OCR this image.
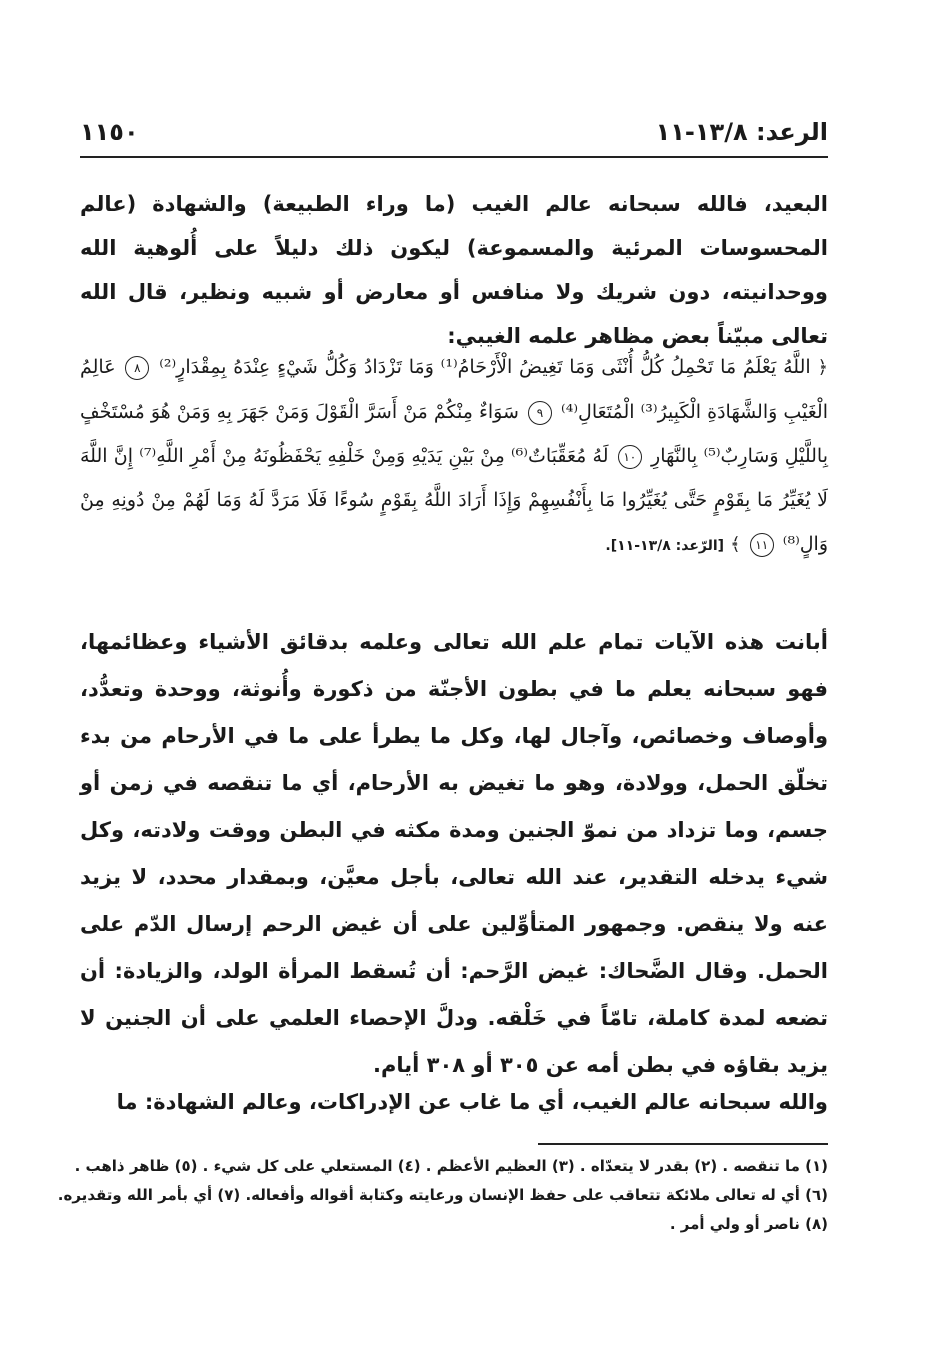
الرعد: ١٣/٨-١١
١١٥٠

البعيد، فالله سبحانه عالم الغيب (ما وراء الطبيعة) والشهادة (عالم المحسوسات المرئية والمسموعة) ليكون ذلك دليلاً على أُلوهية الله ووحدانيته، دون شريك ولا منافس أو معارض أو شبيه ونظير، قال الله تعالى مبيّناً بعض مظاهر علمه الغيبي:

﴿ اللَّهُ يَعْلَمُ مَا تَحْمِلُ كُلُّ أُنْثَى وَمَا تَغِيضُ الْأَرْحَامُ⁽¹⁾ وَمَا تَزْدَادُ وَكُلُّ شَيْءٍ عِنْدَهُ بِمِقْدَارٍ⁽²⁾ ٨ عَالِمُ الْغَيْبِ وَالشَّهَادَةِ الْكَبِيرُ⁽³⁾ الْمُتَعَالِ⁽⁴⁾ ٩ سَوَاءٌ مِنْكُمْ مَنْ أَسَرَّ الْقَوْلَ وَمَنْ جَهَرَ بِهِ وَمَنْ هُوَ مُسْتَخْفٍ بِاللَّيْلِ وَسَارِبٌ⁽⁵⁾ بِالنَّهَارِ ١٠ لَهُ مُعَقِّبَاتٌ⁽⁶⁾ مِنْ بَيْنِ يَدَيْهِ وَمِنْ خَلْفِهِ يَحْفَظُونَهُ مِنْ أَمْرِ اللَّهِ⁽⁷⁾ إِنَّ اللَّهَ لَا يُغَيِّرُ مَا بِقَوْمٍ حَتَّى يُغَيِّرُوا مَا بِأَنْفُسِهِمْ وَإِذَا أَرَادَ اللَّهُ بِقَوْمٍ سُوءًا فَلَا مَرَدَّ لَهُ وَمَا لَهُمْ مِنْ دُونِهِ مِنْ وَالٍ⁽⁸⁾ ١١ ﴾ [الرّعد: ١٣/٨-١١].

أبانت هذه الآيات تمام علم الله تعالى وعلمه بدقائق الأشياء وعظائمها، فهو سبحانه يعلم ما في بطون الأجنّة من ذكورة وأُنوثة، ووحدة وتعدُّد، وأوصاف وخصائص، وآجال لها، وكل ما يطرأ على ما في الأرحام من بدء تخلّق الحمل، وولادة، وهو ما تغيض به الأرحام، أي ما تنقصه في زمن أو جسم، وما تزداد من نموّ الجنين ومدة مكثه في البطن ووقت ولادته، وكل شيء يدخله التقدير، عند الله تعالى، بأجل معيَّن، وبمقدار محدد، لا يزيد عنه ولا ينقص. وجمهور المتأوِّلين على أن غيض الرحم إرسال الدّم على الحمل. وقال الضَّحاك: غيض الرَّحم: أن تُسقط المرأة الولد، والزيادة: أن تضعه لمدة كاملة، تامّاً في خَلْقه. ودلَّ الإحصاء العلمي على أن الجنين لا يزيد بقاؤه في بطن أمه عن ٣٠٥ أو ٣٠٨ أيام.

والله سبحانه عالم الغيب، أي ما غاب عن الإدراكات، وعالم الشهادة: ما

(١) ما تنقصه . (٢) بقدر لا يتعدّاه . (٣) العظيم الأعظم . (٤) المستعلي على كل شيء . (٥) ظاهر ذاهب .
(٦) أي له تعالى ملائكة تتعاقب على حفظ الإنسان ورعايته وكتابة أقواله وأفعاله. (٧) أي بأمر الله وتقديره.
(٨) ناصر أو ولي أمر .
